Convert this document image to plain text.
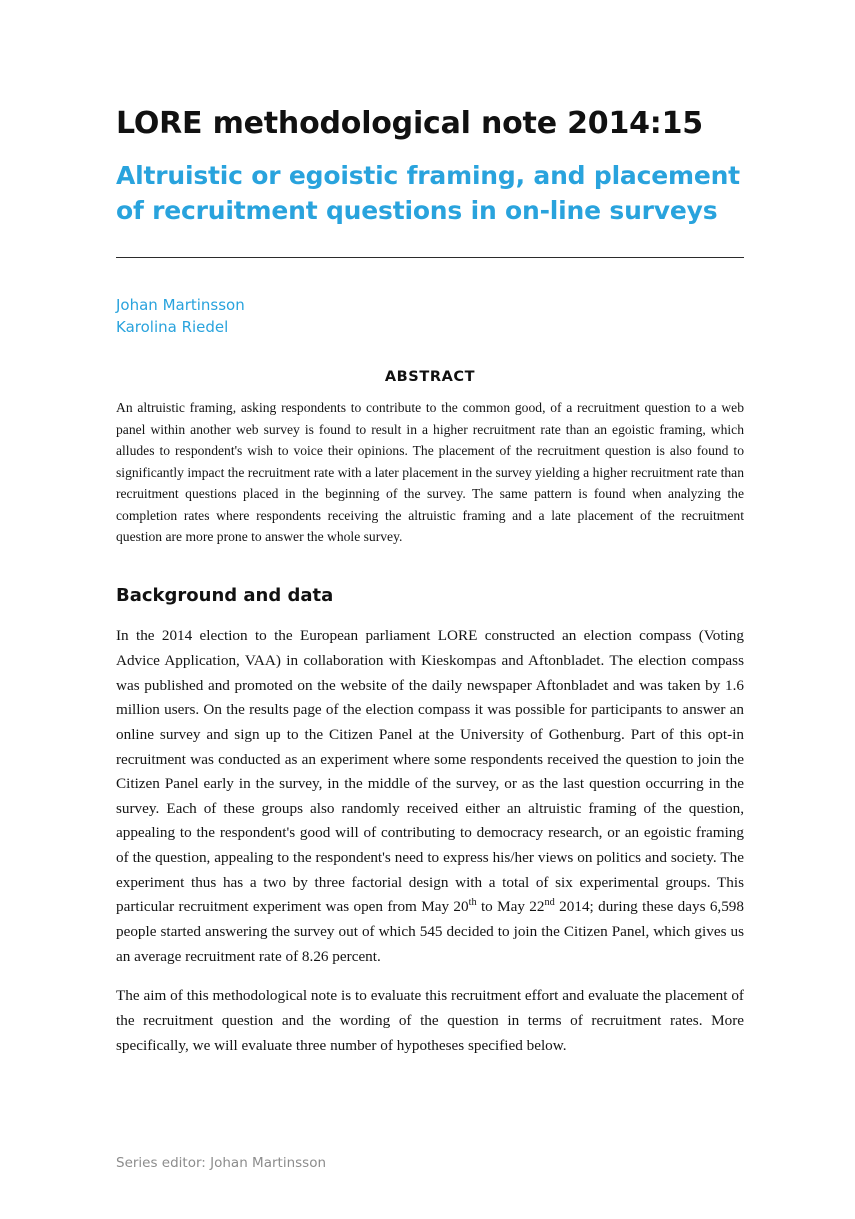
LORE methodological note 2014:15
Altruistic or egoistic framing, and placement of recruitment questions in on-line surveys
Johan Martinsson
Karolina Riedel
ABSTRACT

An altruistic framing, asking respondents to contribute to the common good, of a recruitment question to a web panel within another web survey is found to result in a higher recruitment rate than an egoistic framing, which alludes to respondent's wish to voice their opinions. The placement of the recruitment question is also found to significantly impact the recruitment rate with a later placement in the survey yielding a higher recruitment rate than recruitment questions placed in the beginning of the survey. The same pattern is found when analyzing the completion rates where respondents receiving the altruistic framing and a late placement of the recruitment question are more prone to answer the whole survey.

Background and data

In the 2014 election to the European parliament LORE constructed an election compass (Voting Advice Application, VAA) in collaboration with Kieskompas and Aftonbladet. The election compass was published and promoted on the website of the daily newspaper Aftonbladet and was taken by 1.6 million users. On the results page of the election compass it was possible for participants to answer an online survey and sign up to the Citizen Panel at the University of Gothenburg. Part of this opt-in recruitment was conducted as an experiment where some respondents received the question to join the Citizen Panel early in the survey, in the middle of the survey, or as the last question occurring in the survey. Each of these groups also randomly received either an altruistic framing of the question, appealing to the respondent's good will of contributing to democracy research, or an egoistic framing of the question, appealing to the respondent's need to express his/her views on politics and society. The experiment thus has a two by three factorial design with a total of six experimental groups. This particular recruitment experiment was open from May 20th to May 22nd 2014; during these days 6,598 people started answering the survey out of which 545 decided to join the Citizen Panel, which gives us an average recruitment rate of 8.26 percent.

The aim of this methodological note is to evaluate this recruitment effort and evaluate the placement of the recruitment question and the wording of the question in terms of recruitment rates. More specifically, we will evaluate three number of hypotheses specified below.

Series editor: Johan Martinsson
